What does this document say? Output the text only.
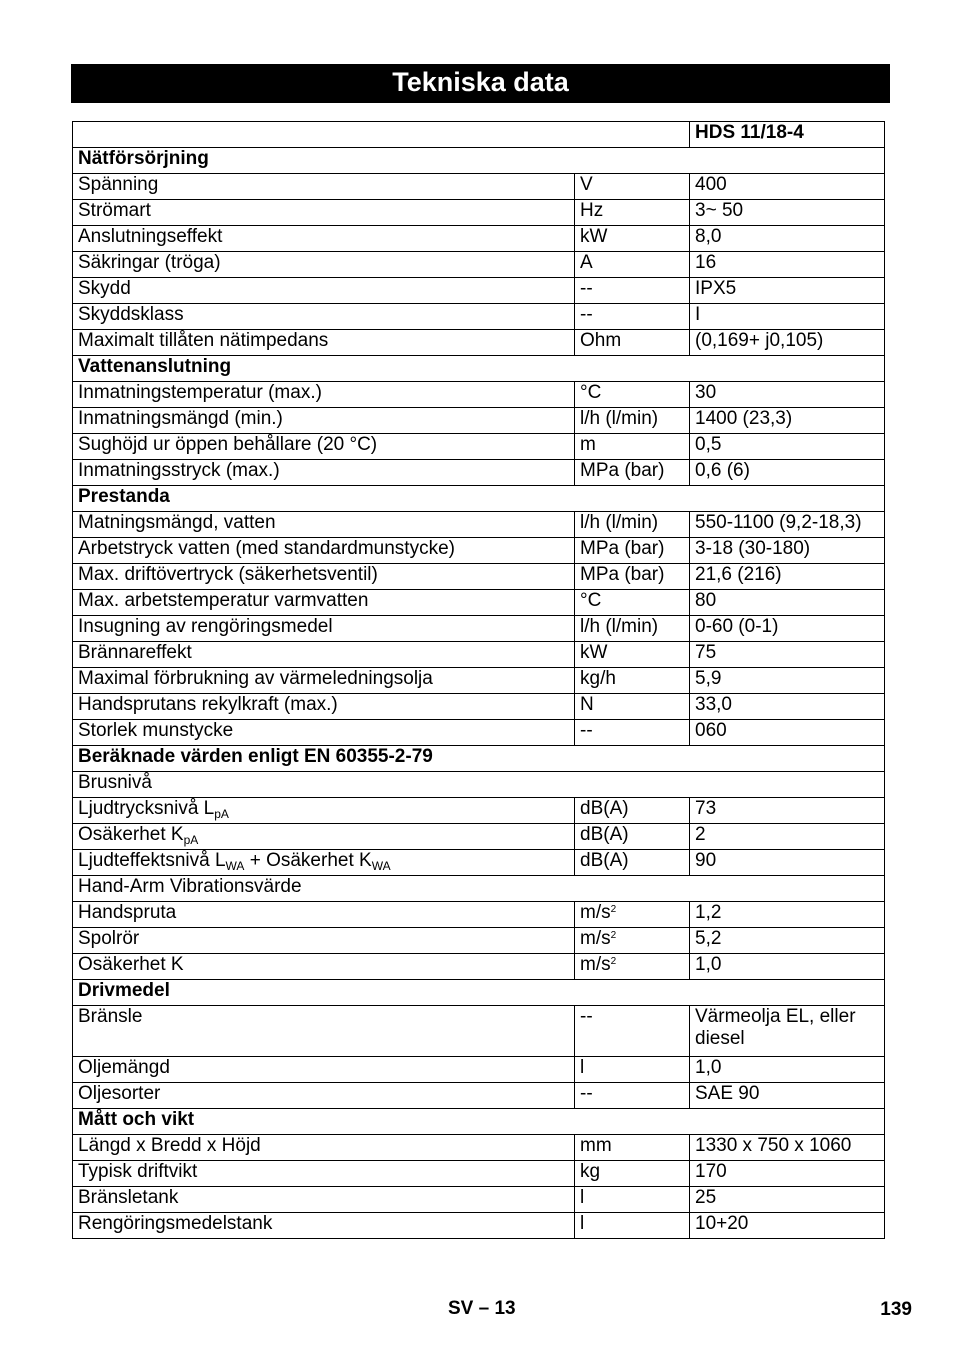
Tekniska data
		HDS 11/18-4
Nätförsörjning		
Spänning	V	400
Strömart	Hz	3~ 50
Anslutningseffekt	kW	8,0
Säkringar (tröga)	A	16
Skydd	--	IPX5
Skyddsklass	--	I
Maximalt tillåten nätimpedans	Ohm	(0,169+ j0,105)
Vattenanslutning		
Inmatningstemperatur (max.)	°C	30
Inmatningsmängd (min.)	l/h (l/min)	1400 (23,3)
Sughöjd ur öppen behållare (20 °C)	m	0,5
Inmatningsstryck (max.)	MPa (bar)	0,6 (6)
Prestanda		
Matningsmängd, vatten	l/h (l/min)	550-1100 (9,2-18,3)
Arbetstryck vatten (med standardmunstycke)	MPa (bar)	3-18 (30-180)
Max. driftövertryck (säkerhetsventil)	MPa (bar)	21,6 (216)
Max. arbetstemperatur varmvatten	°C	80
Insugning av rengöringsmedel	l/h (l/min)	0-60 (0-1)
Brännareffekt	kW	75
Maximal förbrukning av värmeledningsolja	kg/h	5,9
Handsprutans rekylkraft (max.)	N	33,0
Storlek munstycke	--	060
Beräknade värden enligt EN 60355-2-79		
Brusnivå		
Ljudtrycksnivå $L_{pA}$	dB(A)	73
Osäkerhet $K_{pA}$	dB(A)	2
Ljudteffektsnivå $L_{WA}$ + Osäkerhet $K_{WA}$	dB(A)	90
Hand-Arm Vibrationsvärde		
Handspruta	$m/s^2$	1,2
Spolrör	$m/s^2$	5,2
Osäkerhet K	$m/s^2$	1,0
Drivmedel		
Bränsle	--	Värmeolja EL, eller diesel
Oljemängd	l	1,0
Oljesorter	--	SAE 90
Mått och vikt		
Längd x Bredd x Höjd	mm	1330 x 750 x 1060
Typisk driftvikt	kg	170
Bränsletank	l	25
Rengöringsmedelstank	l	10+20
SV – 13	139
